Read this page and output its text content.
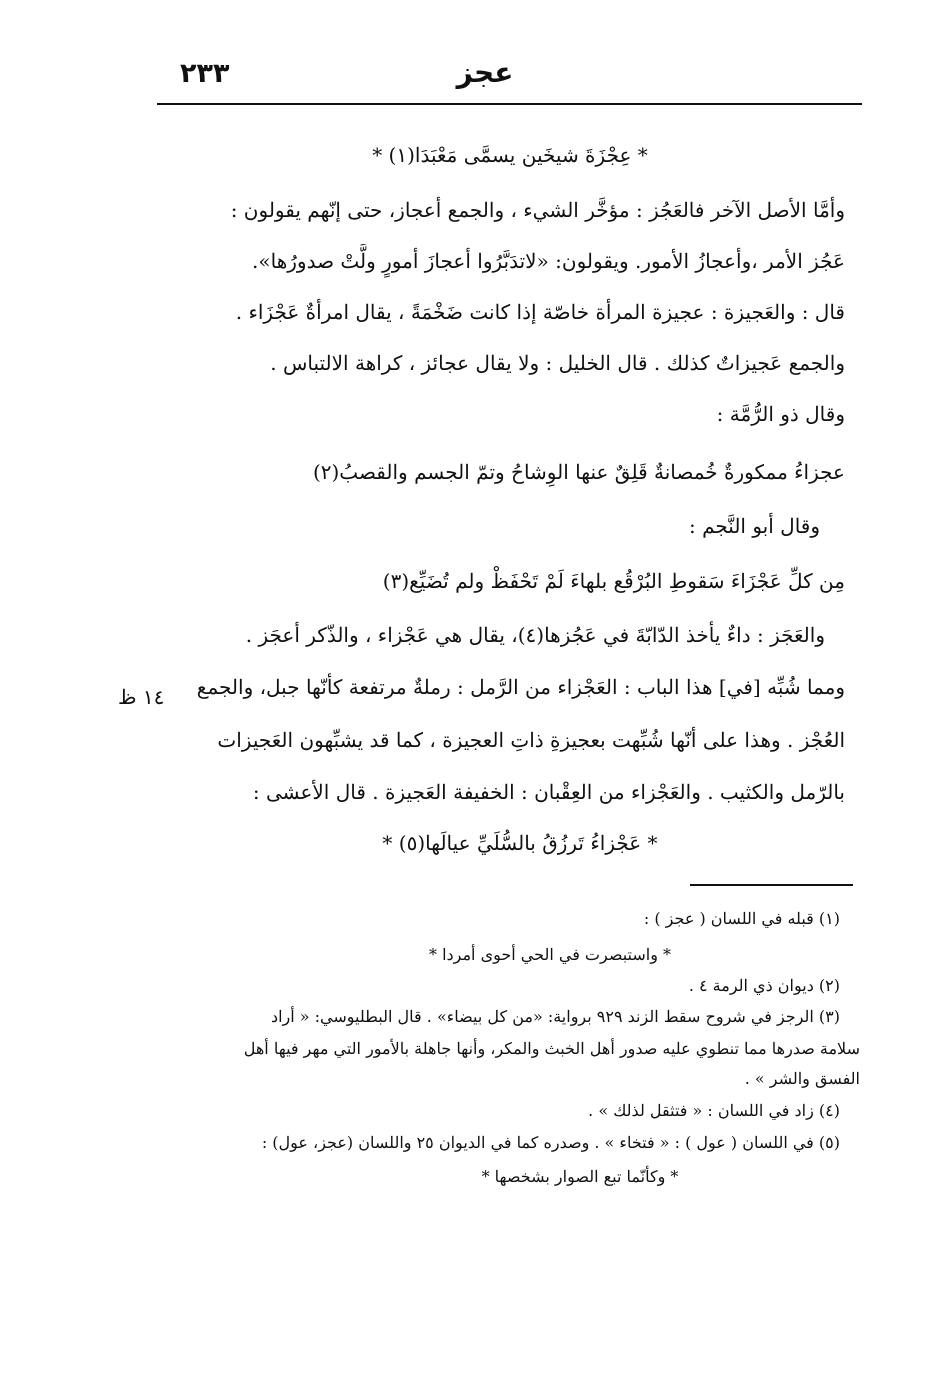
٢٣٣	عجز
* عِجْزَةَ شيخَين يسمَّى مَعْبَدَا(١) *
وأمَّا الأصل الآخر فالعَجُز : مؤخَّر الشيء ، والجمع أعجاز، حتى إنّهم يقولون :
عَجُز الأمر ،وأعجازُ الأمور. ويقولون: «لاتدَبَّرُوا أعجازَ أمورٍ ولَّتْ صدورُها».
قال : والعَجيزة : عجيزة المرأة خاصّة إذا كانت ضَخْمَةً ، يقال امرأةٌ عَجْزَاء .
والجمع عَجيزاتٌ كذلك . قال الخليل : ولا يقال عجائز ، كراهة الالتباس .
وقال ذو الرُّمَّة :
عجزاءُ ممكورةٌ خُمصانةٌ قَلِقٌ عنها الوِشاحُ وتمّ الجسم والقصبُ(٢)
وقال أبو النَّجم :
مِن كلِّ عَجْزَاءَ سَقوطِ البُرْقُع بلهاءَ لَمْ تَحْفَظْ ولم تُضَيِّع(٣)
والعَجَز : داءٌ يأخذ الدّابّةَ في عَجُزها(٤)، يقال هي عَجْزاء ، والذّكر أعجَز .
ومما شُبِّه [في] هذا الباب : العَجْزاء من الرَّمل : رملةٌ مرتفعة كأنّها جبل، والجمع
العُجْز . وهذا على أنّها شُبِّهت بعجيزةِ ذاتِ العجيزة ، كما قد يشبِّهون العَجيزات
بالرّمل والكثيب . والعَجْزاء من العِقْبان : الخفيفة العَجيزة . قال الأعشى :
* عَجْزاءُ تَرزُقُ بالسُّلَيِّ عيالَها(٥) *
١٤ ظ
(١) قبله في اللسان ( عجز ) :
* واستبصرت في الحي أحوى أمردا *
(٢) ديوان ذي الرمة ٤ .
(٣) الرجز في شروح سقط الزند ٩٢٩ برواية: «من كل بيضاء» . قال البطليوسي: « أراد
سلامة صدرها مما تنطوي عليه صدور أهل الخبث والمكر، وأنها جاهلة بالأمور التي مهر فيها أهل
الفسق والشر » .
(٤) زاد في اللسان : « فتثقل لذلك » .
(٥) في اللسان ( عول ) : « فتخاء » . وصدره كما في الديوان ٢٥ واللسان (عجز، عول) :
* وكأنّما تبع الصوار بشخصها *
